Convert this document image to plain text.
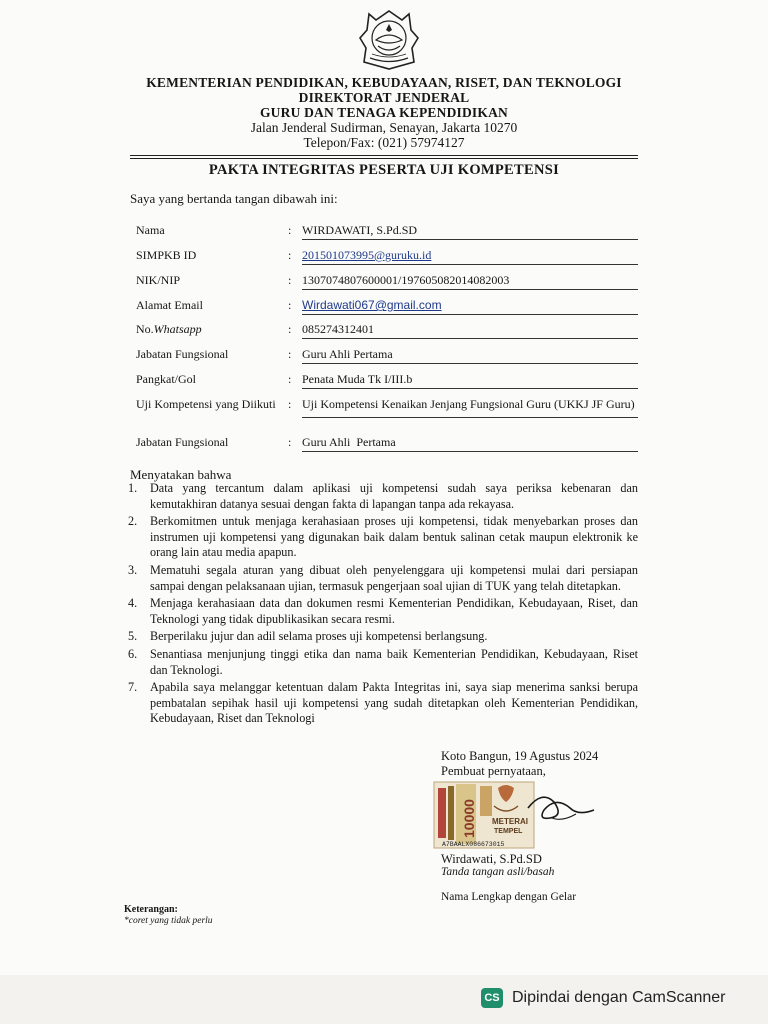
KEMENTERIAN PENDIDIKAN, KEBUDAYAAN, RISET, DAN TEKNOLOGI
DIREKTORAT JENDERAL
GURU DAN TENAGA KEPENDIDIKAN
Jalan Jenderal Sudirman, Senayan, Jakarta 10270
Telepon/Fax: (021) 57974127
PAKTA INTEGRITAS PESERTA UJI KOMPETENSI
Saya yang bertanda tangan dibawah ini:
Nama	: WIRDAWATI, S.Pd.SD
SIMPKB ID	: 201501073995@guruku.id
NIK/NIP	: 1307074807600001/197605082014082003
Alamat Email	: Wirdawati067@gmail.com
No.Whatsapp	: 085274312401
Jabatan Fungsional	: Guru Ahli Pertama
Pangkat/Gol	: Penata Muda Tk I/III.b
Uji Kompetensi yang Diikuti	: Uji Kompetensi Kenaikan Jenjang Fungsional Guru (UKKJ JF Guru)
Jabatan Fungsional	: Guru Ahli  Pertama
Menyatakan bahwa
1. Data yang tercantum dalam aplikasi uji kompetensi sudah saya periksa kebenaran dan kemutakhiran datanya sesuai dengan fakta di lapangan tanpa ada rekayasa.
2. Berkomitmen untuk menjaga kerahasiaan proses uji kompetensi, tidak menyebarkan proses dan instrumen uji kompetensi yang digunakan baik dalam bentuk salinan cetak maupun elektronik ke orang lain atau media apapun.
3. Mematuhi segala aturan yang dibuat oleh penyelenggara uji kompetensi mulai dari persiapan sampai dengan pelaksanaan ujian, termasuk pengerjaan soal ujian di TUK yang telah ditetapkan.
4. Menjaga kerahasiaan data dan dokumen resmi Kementerian Pendidikan, Kebudayaan, Riset, dan Teknologi yang tidak dipublikasikan secara resmi.
5. Berperilaku jujur dan adil selama proses uji kompetensi berlangsung.
6. Senantiasa menjunjung tinggi etika dan nama baik Kementerian Pendidikan, Kebudayaan, Riset dan Teknologi.
7. Apabila saya melanggar ketentuan dalam Pakta Integritas ini, saya siap menerima sanksi berupa pembatalan sepihak hasil uji kompetensi yang sudah ditetapkan oleh Kementerian Pendidikan, Kebudayaan, Riset dan Teknologi
Koto Bangun, 19 Agustus 2024
Pembuat pernyataan,
10000 METERAI
TEMPEL
A7BAALX086673015
Wirdawati, S.Pd.SD
Tanda tangan asli/basah
Nama Lengkap dengan Gelar
Keterangan:
*coret yang tidak perlu
CS Dipindai dengan CamScanner
